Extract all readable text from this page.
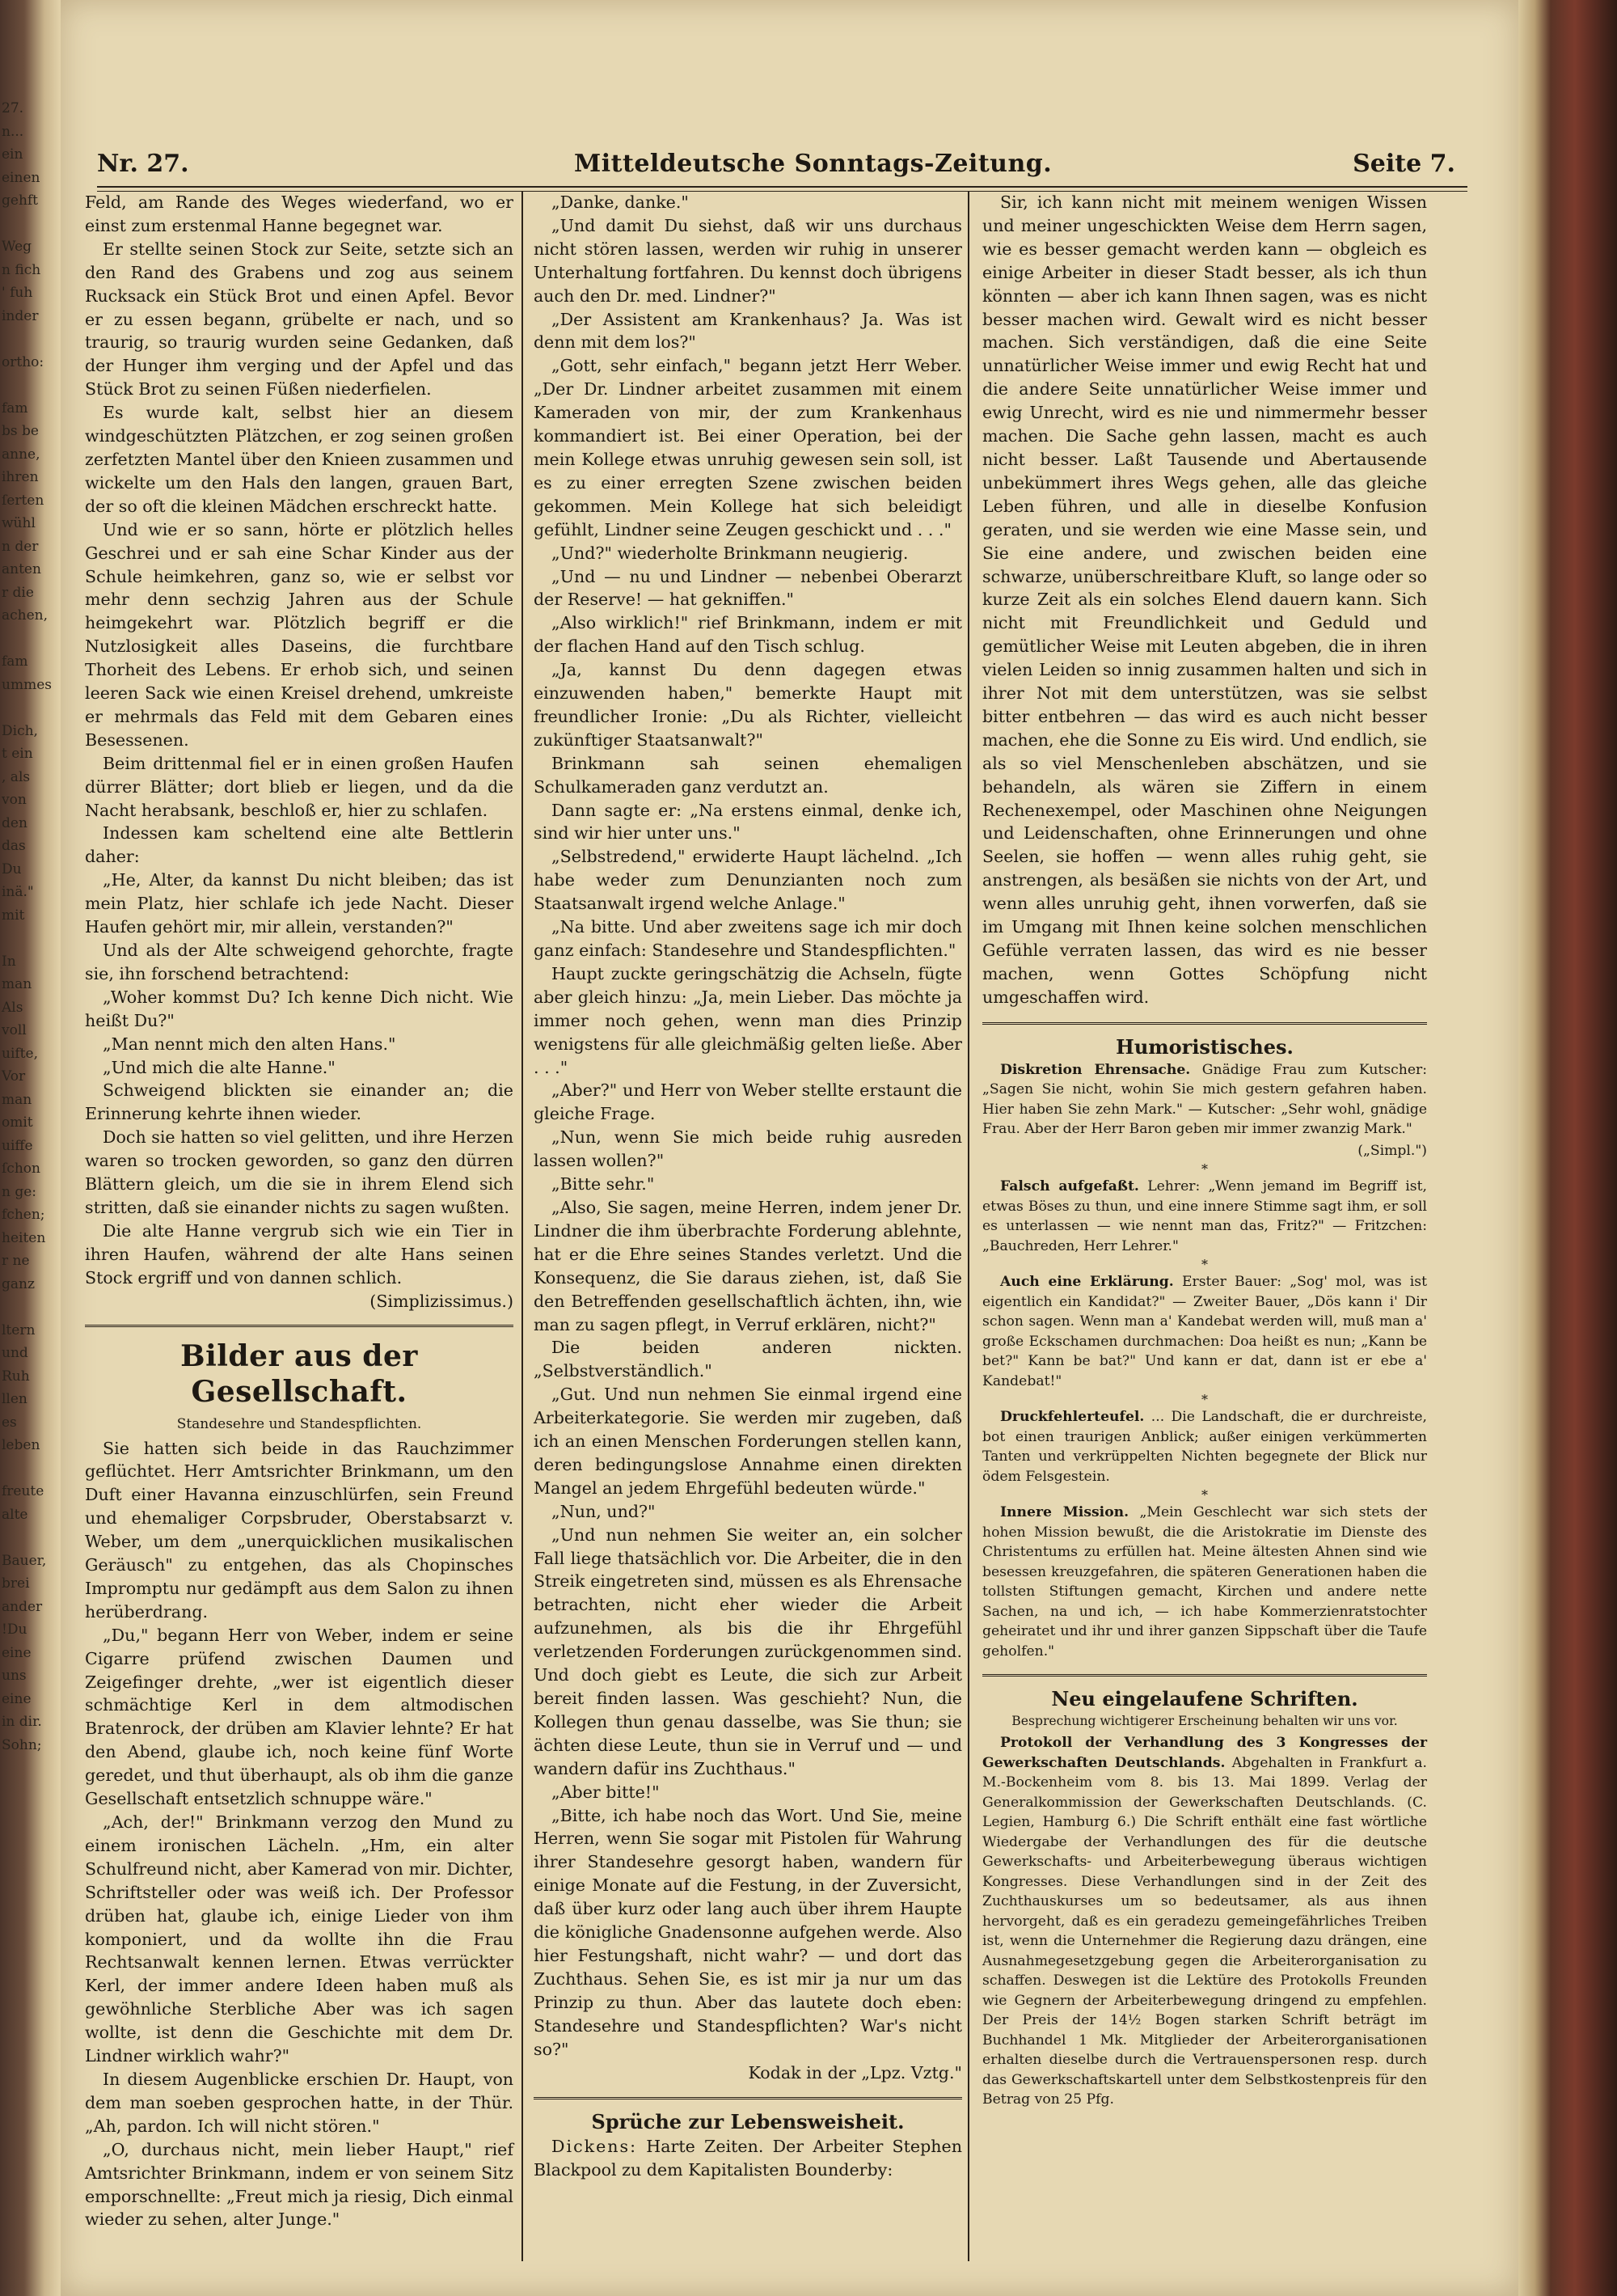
27.
n...
ein
einen
gehft
Weg
n fich
' fuh
inder
ortho:
fam
bs be
anne,
ihren
ſerten
wühl
n der
anten
r die
achen,
fam
ummes
Dich,
t ein
, als
von
den
das
Du
inä."
mit
In
man
Als
voll
uifte,
Vor
man
omit
uiffe
ſchon
n ge:
fchen;
heiten
r ne
ganz
ltern
und
Ruh
llen
es
leben
freute
alte
Bauer,
brei
ander
!Du
eine
uns
eine
in dir.
Sohn;
Nr. 27.	Mitteldeutsche Sonntags-Zeitung.	Seite 7.

Feld, am Rande des Weges wiederfand, wo er einst zum erstenmal Hanne begegnet war.

Er stellte seinen Stock zur Seite, setzte sich an den Rand des Grabens und zog aus seinem Rucksack ein Stück Brot und einen Apfel. Bevor er zu essen begann, grübelte er nach, und so traurig, so traurig wurden seine Gedanken, daß der Hunger ihm verging und der Apfel und das Stück Brot zu seinen Füßen niederfielen.

Es wurde kalt, selbst hier an diesem windgeschützten Plätzchen, er zog seinen großen zerfetzten Mantel über den Knieen zusammen und wickelte um den Hals den langen, grauen Bart, der so oft die kleinen Mädchen erschreckt hatte.

Und wie er so sann, hörte er plötzlich helles Geschrei und er sah eine Schar Kinder aus der Schule heimkehren, ganz so, wie er selbst vor mehr denn sechzig Jahren aus der Schule heimgekehrt war. Plötzlich begriff er die Nutzlosigkeit alles Daseins, die furchtbare Thorheit des Lebens. Er erhob sich, und seinen leeren Sack wie einen Kreisel drehend, umkreiste er mehrmals das Feld mit dem Gebaren eines Besessenen.

Beim drittenmal fiel er in einen großen Haufen dürrer Blätter; dort blieb er liegen, und da die Nacht herabsank, beschloß er, hier zu schlafen.

Indessen kam scheltend eine alte Bettlerin daher:

„He, Alter, da kannst Du nicht bleiben; das ist mein Platz, hier schlafe ich jede Nacht. Dieser Haufen gehört mir, mir allein, verstanden?"

Und als der Alte schweigend gehorchte, fragte sie, ihn forschend betrachtend:

„Woher kommst Du? Ich kenne Dich nicht. Wie heißt Du?"

„Man nennt mich den alten Hans."

„Und mich die alte Hanne."

Schweigend blickten sie einander an; die Erinnerung kehrte ihnen wieder.

Doch sie hatten so viel gelitten, und ihre Herzen waren so trocken geworden, so ganz den dürren Blättern gleich, um die sie in ihrem Elend sich stritten, daß sie einander nichts zu sagen wußten.

Die alte Hanne vergrub sich wie ein Tier in ihren Haufen, während der alte Hans seinen Stock ergriff und von dannen schlich.

(Simplizissimus.)

Bilder aus der Gesellschaft.
Standesehre und Standespflichten.

Sie hatten sich beide in das Rauchzimmer geflüchtet. Herr Amtsrichter Brinkmann, um den Duft einer Havanna einzuschlürfen, sein Freund und ehemaliger Corpsbruder, Oberstabsarzt v. Weber, um dem „unerquicklichen musikalischen Geräusch" zu entgehen, das als Chopinsches Impromptu nur gedämpft aus dem Salon zu ihnen herüberdrang.

„Du," begann Herr von Weber, indem er seine Cigarre prüfend zwischen Daumen und Zeigefinger drehte, „wer ist eigentlich dieser schmächtige Kerl in dem altmodischen Bratenrock, der drüben am Klavier lehnte? Er hat den Abend, glaube ich, noch keine fünf Worte geredet, und thut überhaupt, als ob ihm die ganze Gesellschaft entsetzlich schnuppe wäre."

„Ach, der!" Brinkmann verzog den Mund zu einem ironischen Lächeln. „Hm, ein alter Schulfreund nicht, aber Kamerad von mir. Dichter, Schriftsteller oder was weiß ich. Der Professor drüben hat, glaube ich, einige Lieder von ihm komponiert, und da wollte ihn die Frau Rechtsanwalt kennen lernen. Etwas verrückter Kerl, der immer andere Ideen haben muß als gewöhnliche Sterbliche Aber was ich sagen wollte, ist denn die Geschichte mit dem Dr. Lindner wirklich wahr?"

In diesem Augenblicke erschien Dr. Haupt, von dem man soeben gesprochen hatte, in der Thür. „Ah, pardon. Ich will nicht stören."

„O, durchaus nicht, mein lieber Haupt," rief Amtsrichter Brinkmann, indem er von seinem Sitz emporschnellte: „Freut mich ja riesig, Dich einmal wieder zu sehen, alter Junge."

„Danke, danke."

„Und damit Du siehst, daß wir uns durchaus nicht stören lassen, werden wir ruhig in unserer Unterhaltung fortfahren. Du kennst doch übrigens auch den Dr. med. Lindner?"

„Der Assistent am Krankenhaus? Ja. Was ist denn mit dem los?"

„Gott, sehr einfach," begann jetzt Herr Weber. „Der Dr. Lindner arbeitet zusammen mit einem Kameraden von mir, der zum Krankenhaus kommandiert ist. Bei einer Operation, bei der mein Kollege etwas unruhig gewesen sein soll, ist es zu einer erregten Szene zwischen beiden gekommen. Mein Kollege hat sich beleidigt gefühlt, Lindner seine Zeugen geschickt und . . ."

„Und?" wiederholte Brinkmann neugierig.

„Und — nu und Lindner — nebenbei Oberarzt der Reserve! — hat gekniffen."

„Also wirklich!" rief Brinkmann, indem er mit der flachen Hand auf den Tisch schlug.

„Ja, kannst Du denn dagegen etwas einzuwenden haben," bemerkte Haupt mit freundlicher Ironie: „Du als Richter, vielleicht zukünftiger Staatsanwalt?"

Brinkmann sah seinen ehemaligen Schulkameraden ganz verdutzt an.

Dann sagte er: „Na erstens einmal, denke ich, sind wir hier unter uns."

„Selbstredend," erwiderte Haupt lächelnd. „Ich habe weder zum Denunzianten noch zum Staatsanwalt irgend welche Anlage."

„Na bitte. Und aber zweitens sage ich mir doch ganz einfach: Standesehre und Standespflichten."

Haupt zuckte geringschätzig die Achseln, fügte aber gleich hinzu: „Ja, mein Lieber. Das möchte ja immer noch gehen, wenn man dies Prinzip wenigstens für alle gleichmäßig gelten ließe. Aber . . ."

„Aber?" und Herr von Weber stellte erstaunt die gleiche Frage.

„Nun, wenn Sie mich beide ruhig ausreden lassen wollen?"

„Bitte sehr."

„Also, Sie sagen, meine Herren, indem jener Dr. Lindner die ihm überbrachte Forderung ablehnte, hat er die Ehre seines Standes verletzt. Und die Konsequenz, die Sie daraus ziehen, ist, daß Sie den Betreffenden gesellschaftlich ächten, ihn, wie man zu sagen pflegt, in Verruf erklären, nicht?"

Die beiden anderen nickten. „Selbstverständlich."

„Gut. Und nun nehmen Sie einmal irgend eine Arbeiterkategorie. Sie werden mir zugeben, daß ich an einen Menschen Forderungen stellen kann, deren bedingungslose Annahme einen direkten Mangel an jedem Ehrgefühl bedeuten würde."

„Nun, und?"

„Und nun nehmen Sie weiter an, ein solcher Fall liege thatsächlich vor. Die Arbeiter, die in den Streik eingetreten sind, müssen es als Ehrensache betrachten, nicht eher wieder die Arbeit aufzunehmen, als bis die ihr Ehrgefühl verletzenden Forderungen zurückgenommen sind. Und doch giebt es Leute, die sich zur Arbeit bereit finden lassen. Was geschieht? Nun, die Kollegen thun genau dasselbe, was Sie thun; sie ächten diese Leute, thun sie in Verruf und — und wandern dafür ins Zuchthaus."

„Aber bitte!"

„Bitte, ich habe noch das Wort. Und Sie, meine Herren, wenn Sie sogar mit Pistolen für Wahrung ihrer Standesehre gesorgt haben, wandern für einige Monate auf die Festung, in der Zuversicht, daß über kurz oder lang auch über ihrem Haupte die königliche Gnadensonne aufgehen werde. Also hier Festungshaft, nicht wahr? — und dort das Zuchthaus. Sehen Sie, es ist mir ja nur um das Prinzip zu thun. Aber das lautete doch eben: Standesehre und Standespflichten? War's nicht so?"

Kodak in der „Lpz. Vztg."

Sprüche zur Lebensweisheit.

Dickens: Harte Zeiten. Der Arbeiter Stephen Blackpool zu dem Kapitalisten Bounderby:

Sir, ich kann nicht mit meinem wenigen Wissen und meiner ungeschickten Weise dem Herrn sagen, wie es besser gemacht werden kann — obgleich es einige Arbeiter in dieser Stadt besser, als ich thun könnten — aber ich kann Ihnen sagen, was es nicht besser machen wird. Gewalt wird es nicht besser machen. Sich verständigen, daß die eine Seite unnatürlicher Weise immer und ewig Recht hat und die andere Seite unnatürlicher Weise immer und ewig Unrecht, wird es nie und nimmermehr besser machen. Die Sache gehn lassen, macht es auch nicht besser. Laßt Tausende und Abertausende unbekümmert ihres Wegs gehen, alle das gleiche Leben führen, und alle in dieselbe Konfusion geraten, und sie werden wie eine Masse sein, und Sie eine andere, und zwischen beiden eine schwarze, unüberschreitbare Kluft, so lange oder so kurze Zeit als ein solches Elend dauern kann. Sich nicht mit Freundlichkeit und Geduld und gemütlicher Weise mit Leuten abgeben, die in ihren vielen Leiden so innig zusammen halten und sich in ihrer Not mit dem unterstützen, was sie selbst bitter entbehren — das wird es auch nicht besser machen, ehe die Sonne zu Eis wird. Und endlich, sie als so viel Menschenleben abschätzen, und sie behandeln, als wären sie Ziffern in einem Rechenexempel, oder Maschinen ohne Neigungen und Leidenschaften, ohne Erinnerungen und ohne Seelen, sie hoffen — wenn alles ruhig geht, sie anstrengen, als besäßen sie nichts von der Art, und wenn alles unruhig geht, ihnen vorwerfen, daß sie im Umgang mit Ihnen keine solchen menschlichen Gefühle verraten lassen, das wird es nie besser machen, wenn Gottes Schöpfung nicht umgeschaffen wird.

Humoristisches.

Diskretion Ehrensache. Gnädige Frau zum Kutscher: „Sagen Sie nicht, wohin Sie mich gestern gefahren haben. Hier haben Sie zehn Mark." — Kutscher: „Sehr wohl, gnädige Frau. Aber der Herr Baron geben mir immer zwanzig Mark."

(„Simpl.")

*

Falsch aufgefaßt. Lehrer: „Wenn jemand im Begriff ist, etwas Böses zu thun, und eine innere Stimme sagt ihm, er soll es unterlassen — wie nennt man das, Fritz?" — Fritzchen: „Bauchreden, Herr Lehrer."

*

Auch eine Erklärung. Erster Bauer: „Sog' mol, was ist eigentlich ein Kandidat?" — Zweiter Bauer, „Dös kann i' Dir schon sagen. Wenn man a' Kandebat werden will, muß man a' große Eckschamen durchmachen: Doa heißt es nun; „Kann be bet?" Kann be bat?" Und kann er dat, dann ist er ebe a' Kandebat!"

*

Druckfehlerteufel. ... Die Landschaft, die er durchreiste, bot einen traurigen Anblick; außer einigen verkümmerten Tanten und verkrüppelten Nichten begegnete der Blick nur ödem Felsgestein.

*

Innere Mission. „Mein Geschlecht war sich stets der hohen Mission bewußt, die die Aristokratie im Dienste des Christentums zu erfüllen hat. Meine ältesten Ahnen sind wie besessen kreuzgefahren, die späteren Generationen haben die tollsten Stiftungen gemacht, Kirchen und andere nette Sachen, na und ich, — ich habe Kommerzienratstochter geheiratet und ihr und ihrer ganzen Sippschaft über die Taufe geholfen."

Neu eingelaufene Schriften.
Besprechung wichtigerer Erscheinung behalten wir uns vor.

Protokoll der Verhandlung des 3 Kongresses der Gewerkschaften Deutschlands. Abgehalten in Frankfurt a. M.-Bockenheim vom 8. bis 13. Mai 1899. Verlag der Generalkommission der Gewerkschaften Deutschlands. (C. Legien, Hamburg 6.) Die Schrift enthält eine fast wörtliche Wiedergabe der Verhandlungen des für die deutsche Gewerkschafts- und Arbeiterbewegung überaus wichtigen Kongresses. Diese Verhandlungen sind in der Zeit des Zuchthauskurses um so bedeutsamer, als aus ihnen hervorgeht, daß es ein geradezu gemeingefährliches Treiben ist, wenn die Unternehmer die Regierung dazu drängen, eine Ausnahmegesetzgebung gegen die Arbeiterorganisation zu schaffen. Deswegen ist die Lektüre des Protokolls Freunden wie Gegnern der Arbeiterbewegung dringend zu empfehlen. Der Preis der 14½ Bogen starken Schrift beträgt im Buchhandel 1 Mk. Mitglieder der Arbeiterorganisationen erhalten dieselbe durch die Vertrauenspersonen resp. durch das Gewerkschaftskartell unter dem Selbstkostenpreis für den Betrag von 25 Pfg.
